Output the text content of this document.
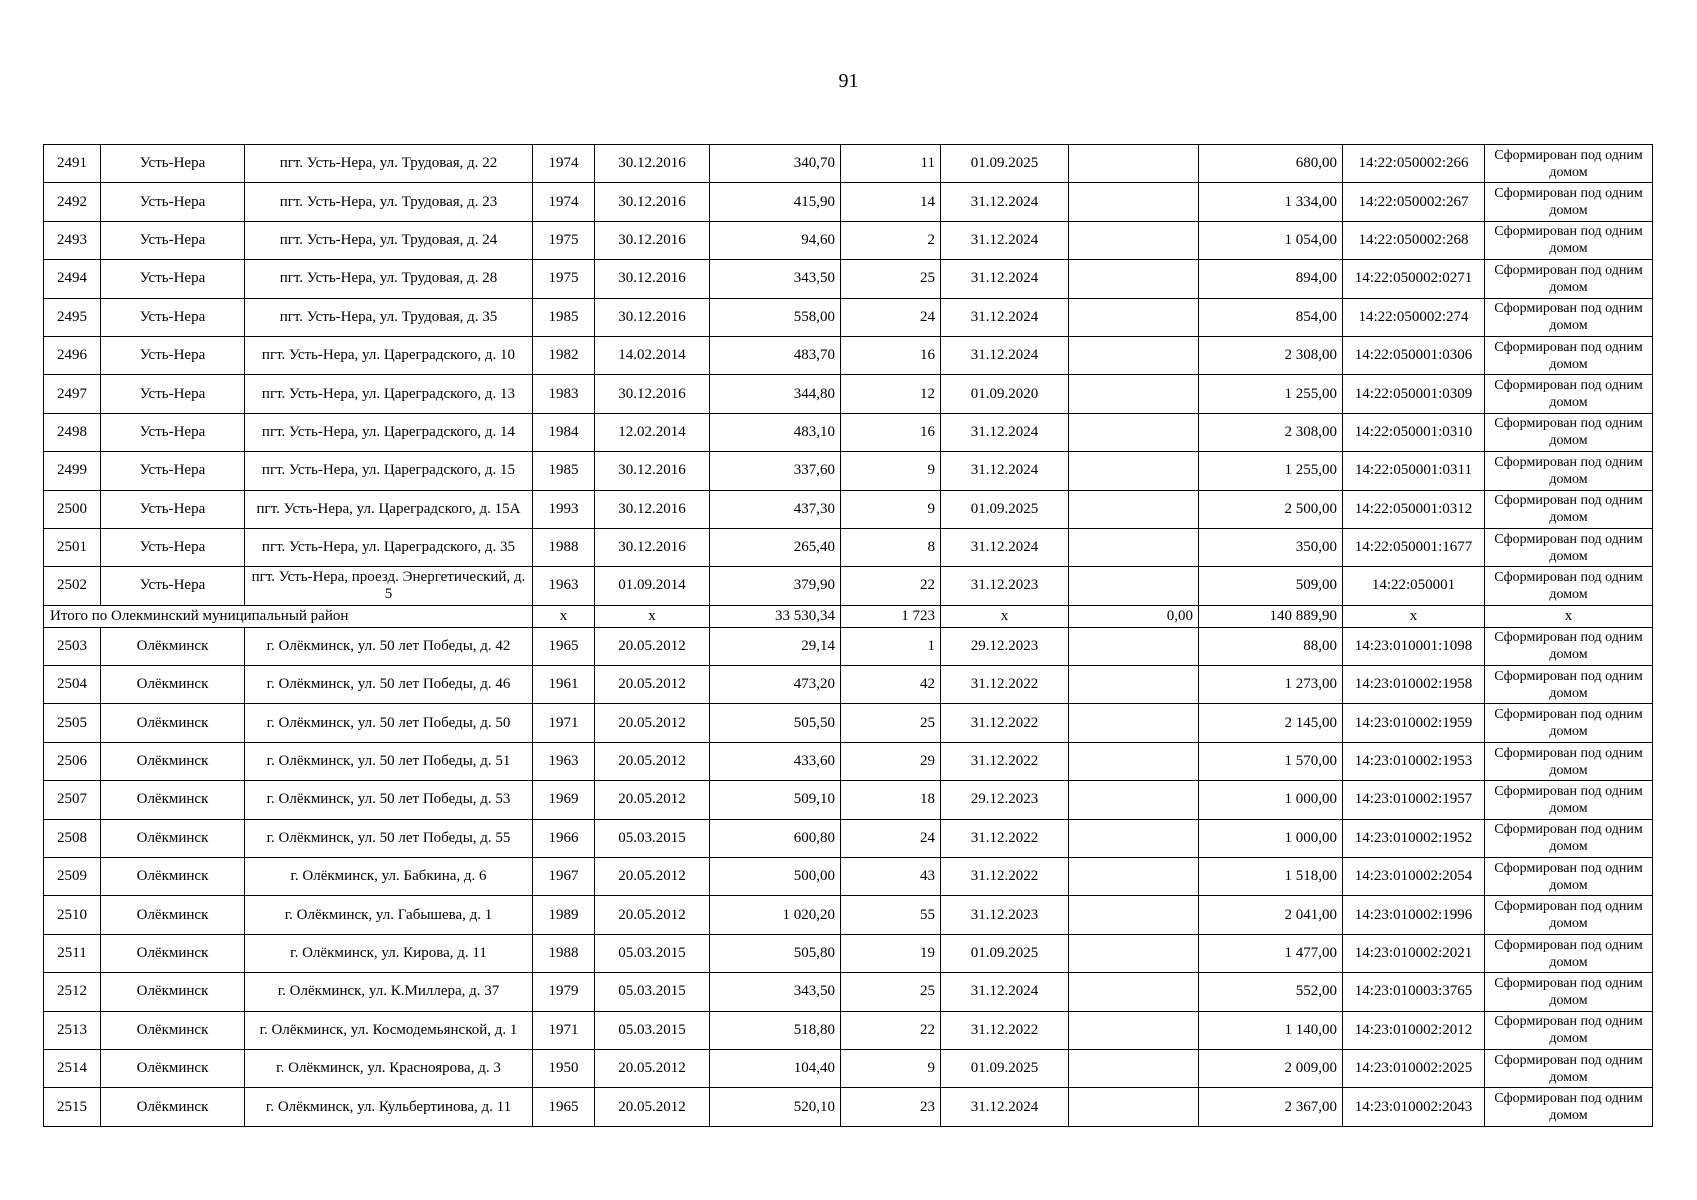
91
2491	Усть-Нера	пгт. Усть-Нера, ул. Трудовая, д. 22	1974	30.12.2016	340,70	11	01.09.2025		680,00	14:22:050002:266	Сформирован под одним домом
2492	Усть-Нера	пгт. Усть-Нера, ул. Трудовая, д. 23	1974	30.12.2016	415,90	14	31.12.2024		1 334,00	14:22:050002:267	Сформирован под одним домом
2493	Усть-Нера	пгт. Усть-Нера, ул. Трудовая, д. 24	1975	30.12.2016	94,60	2	31.12.2024		1 054,00	14:22:050002:268	Сформирован под одним домом
2494	Усть-Нера	пгт. Усть-Нера, ул. Трудовая, д. 28	1975	30.12.2016	343,50	25	31.12.2024		894,00	14:22:050002:0271	Сформирован под одним домом
2495	Усть-Нера	пгт. Усть-Нера, ул. Трудовая, д. 35	1985	30.12.2016	558,00	24	31.12.2024		854,00	14:22:050002:274	Сформирован под одним домом
2496	Усть-Нера	пгт. Усть-Нера, ул. Цареградского, д. 10	1982	14.02.2014	483,70	16	31.12.2024		2 308,00	14:22:050001:0306	Сформирован под одним домом
2497	Усть-Нера	пгт. Усть-Нера, ул. Цареградского, д. 13	1983	30.12.2016	344,80	12	01.09.2020		1 255,00	14:22:050001:0309	Сформирован под одним домом
2498	Усть-Нера	пгт. Усть-Нера, ул. Цареградского, д. 14	1984	12.02.2014	483,10	16	31.12.2024		2 308,00	14:22:050001:0310	Сформирован под одним домом
2499	Усть-Нера	пгт. Усть-Нера, ул. Цареградского, д. 15	1985	30.12.2016	337,60	9	31.12.2024		1 255,00	14:22:050001:0311	Сформирован под одним домом
2500	Усть-Нера	пгт. Усть-Нера, ул. Цареградского, д. 15А	1993	30.12.2016	437,30	9	01.09.2025		2 500,00	14:22:050001:0312	Сформирован под одним домом
2501	Усть-Нера	пгт. Усть-Нера, ул. Цареградского, д. 35	1988	30.12.2016	265,40	8	31.12.2024		350,00	14:22:050001:1677	Сформирован под одним домом
2502	Усть-Нера	пгт. Усть-Нера, проезд. Энергетический, д. 5	1963	01.09.2014	379,90	22	31.12.2023		509,00	14:22:050001	Сформирован под одним домом
Итого по Олекминский муниципальный район			x	x	33 530,34	1 723	x	0,00	140 889,90	x	x
2503	Олёкминск	г. Олёкминск, ул. 50 лет Победы, д. 42	1965	20.05.2012	29,14	1	29.12.2023		88,00	14:23:010001:1098	Сформирован под одним домом
2504	Олёкминск	г. Олёкминск, ул. 50 лет Победы, д. 46	1961	20.05.2012	473,20	42	31.12.2022		1 273,00	14:23:010002:1958	Сформирован под одним домом
2505	Олёкминск	г. Олёкминск, ул. 50 лет Победы, д. 50	1971	20.05.2012	505,50	25	31.12.2022		2 145,00	14:23:010002:1959	Сформирован под одним домом
2506	Олёкминск	г. Олёкминск, ул. 50 лет Победы, д. 51	1963	20.05.2012	433,60	29	31.12.2022		1 570,00	14:23:010002:1953	Сформирован под одним домом
2507	Олёкминск	г. Олёкминск, ул. 50 лет Победы, д. 53	1969	20.05.2012	509,10	18	29.12.2023		1 000,00	14:23:010002:1957	Сформирован под одним домом
2508	Олёкминск	г. Олёкминск, ул. 50 лет Победы, д. 55	1966	05.03.2015	600,80	24	31.12.2022		1 000,00	14:23:010002:1952	Сформирован под одним домом
2509	Олёкминск	г. Олёкминск, ул. Бабкина, д. 6	1967	20.05.2012	500,00	43	31.12.2022		1 518,00	14:23:010002:2054	Сформирован под одним домом
2510	Олёкминск	г. Олёкминск, ул. Габышева, д. 1	1989	20.05.2012	1 020,20	55	31.12.2023		2 041,00	14:23:010002:1996	Сформирован под одним домом
2511	Олёкминск	г. Олёкминск, ул. Кирова, д. 11	1988	05.03.2015	505,80	19	01.09.2025		1 477,00	14:23:010002:2021	Сформирован под одним домом
2512	Олёкминск	г. Олёкминск, ул. К.Миллера, д. 37	1979	05.03.2015	343,50	25	31.12.2024		552,00	14:23:010003:3765	Сформирован под одним домом
2513	Олёкминск	г. Олёкминск, ул. Космодемьянской, д. 1	1971	05.03.2015	518,80	22	31.12.2022		1 140,00	14:23:010002:2012	Сформирован под одним домом
2514	Олёкминск	г. Олёкминск, ул. Красноярова, д. 3	1950	20.05.2012	104,40	9	01.09.2025		2 009,00	14:23:010002:2025	Сформирован под одним домом
2515	Олёкминск	г. Олёкминск, ул. Кульбертинова, д. 11	1965	20.05.2012	520,10	23	31.12.2024		2 367,00	14:23:010002:2043	Сформирован под одним домом
